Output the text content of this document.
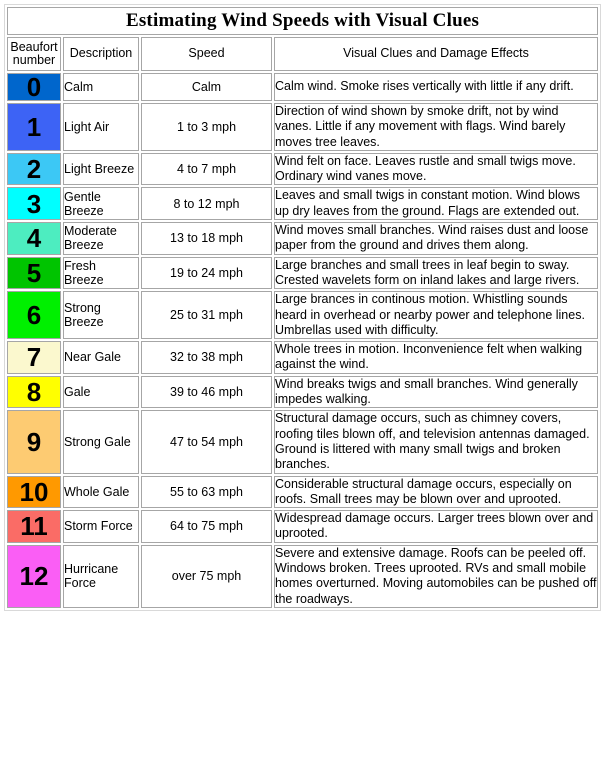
Estimating Wind Speeds with Visual Clues			
Beaufort
number	Description	Speed	Visual Clues and Damage Effects
0	Calm	Calm	Calm wind. Smoke rises vertically with little if any drift.
1	Light Air	1 to 3 mph	Direction of wind shown by smoke drift, not by wind vanes. Little if any movement with flags. Wind barely moves tree leaves.
2	Light Breeze	4 to 7 mph	Wind felt on face. Leaves rustle and small twigs move. Ordinary wind vanes move.
3	Gentle Breeze	8 to 12 mph	Leaves and small twigs in constant motion. Wind blows up dry leaves from the ground. Flags are extended out.
4	Moderate Breeze	13 to 18 mph	Wind moves small branches. Wind raises dust and loose paper from the ground and drives them along.
5	Fresh Breeze	19 to 24 mph	Large branches and small trees in leaf begin to sway. Crested wavelets form on inland lakes and large rivers.
6	Strong Breeze	25 to 31 mph	Large brances in continous motion. Whistling sounds heard in overhead or nearby power and telephone lines. Umbrellas used with difficulty.
7	Near Gale	32 to 38 mph	Whole trees in motion. Inconvenience felt when walking against the wind.
8	Gale	39 to 46 mph	Wind breaks twigs and small branches. Wind generally impedes walking.
9	Strong Gale	47 to 54 mph	Structural damage occurs, such as chimney covers, roofing tiles blown off, and television antennas damaged. Ground is littered with many small twigs and broken branches.
10	Whole Gale	55 to 63 mph	Considerable structural damage occurs, especially on roofs. Small trees may be blown over and uprooted.
11	Storm Force	64 to 75 mph	Widespread damage occurs. Larger trees blown over and uprooted.
12	Hurricane Force	over 75 mph	Severe and extensive damage. Roofs can be peeled off. Windows broken. Trees uprooted. RVs and small mobile homes overturned. Moving automobiles can be pushed off the roadways.
